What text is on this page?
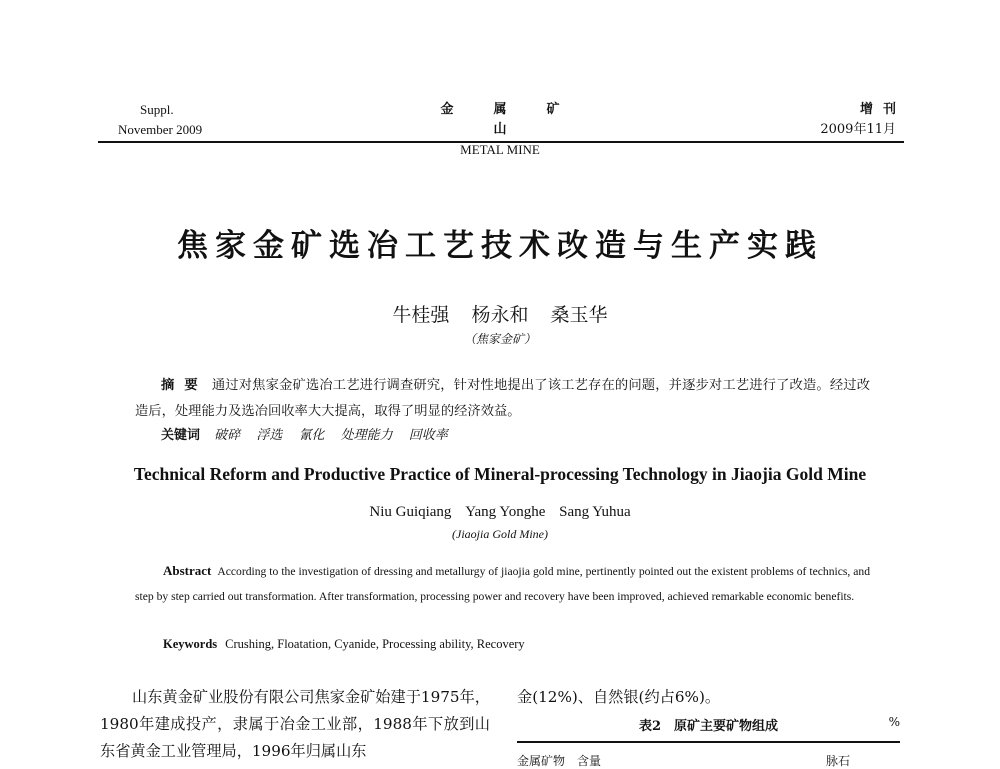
Suppl.
November 2009
金属矿山
METAL MINE
增刊
2009年11月
焦家金矿选冶工艺技术改造与生产实践
牛桂强 杨永和 桑玉华
（焦家金矿）
摘要 通过对焦家金矿选冶工艺进行调查研究，针对性地提出了该工艺存在的问题，并逐步对工艺进行了改造。经过改造后，处理能力及选冶回收率大大提高，取得了明显的经济效益。
关键词 破碎 浮选 氰化 处理能力 回收率
Technical Reform and Productive Practice of Mineral-processing Technology in Jiaojia Gold Mine
Niu Guiqiang Yang Yonghe Sang Yuhua
(Jiaojia Gold Mine)
Abstract According to the investigation of dressing and metallurgy of jiaojia gold mine, pertinently pointed out the existent problems of technics, and step by step carried out transformation. After transformation, processing power and recovery have been improved, achieved remarkable economic benefits.
Keywords Crushing, Floatation, Cyanide, Processing ability, Recovery
山东黄金矿业股份有限公司焦家金矿始建于1975年，1980年建成投产，隶属于冶金工业部，1988年下放到山东省黄金工业管理局，1996年归属山东
金(12%)、自然银(约占6%)。
表2　原矿主要矿物组成	%
金属矿物　含量	脉石
